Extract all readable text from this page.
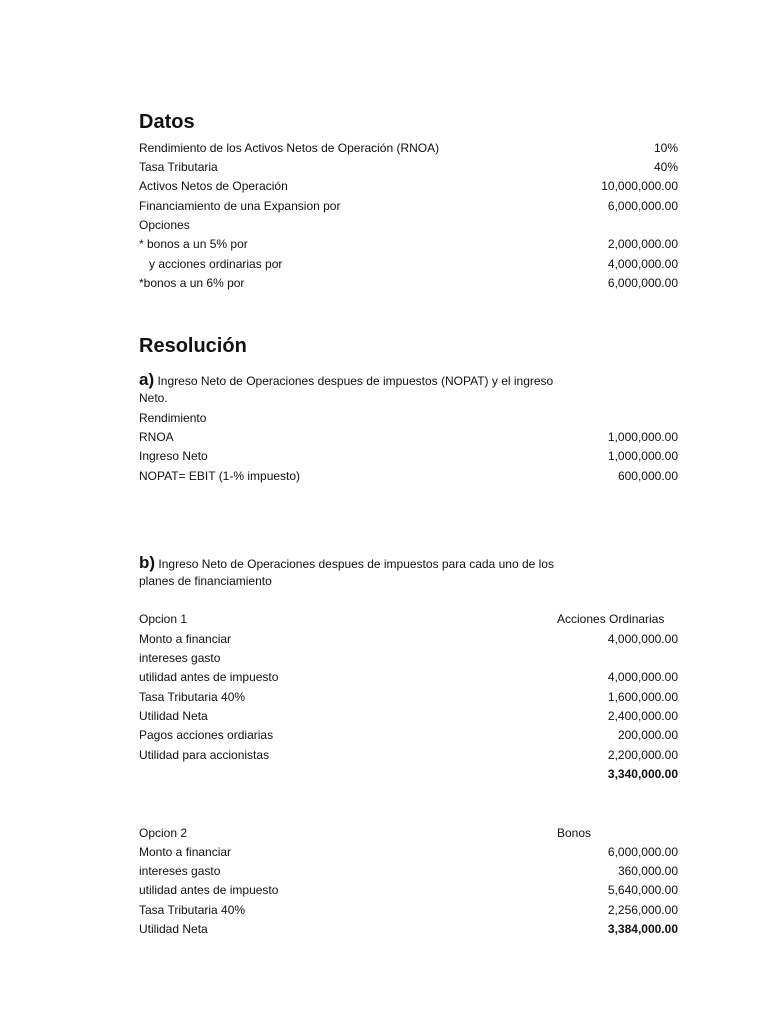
Datos
Rendimiento de los Activos Netos de Operación (RNOA)	10%
Tasa Tributaria	40%
Activos Netos de Operación	10,000,000.00
Financiamiento de una Expansion por	6,000,000.00
Opciones
* bonos a un 5% por	2,000,000.00
y acciones ordinarias por	4,000,000.00
*bonos a un 6% por	6,000,000.00
Resolución
a) Ingreso Neto de Operaciones despues de impuestos (NOPAT) y el ingreso Neto.
Rendimiento
RNOA	1,000,000.00
Ingreso Neto	1,000,000.00
NOPAT= EBIT (1-% impuesto)	600,000.00
b) Ingreso Neto de Operaciones despues de impuestos para cada uno de los planes de financiamiento
Opcion 1	Acciones Ordinarias
Monto a financiar	4,000,000.00
intereses gasto
utilidad antes de impuesto	4,000,000.00
Tasa Tributaria 40%	1,600,000.00
Utilidad Neta	2,400,000.00
Pagos acciones ordiarias	200,000.00
Utilidad para accionistas	2,200,000.00
3,340,000.00
Opcion 2	Bonos
Monto a financiar	6,000,000.00
intereses gasto	360,000.00
utilidad antes de impuesto	5,640,000.00
Tasa Tributaria 40%	2,256,000.00
Utilidad Neta	3,384,000.00
